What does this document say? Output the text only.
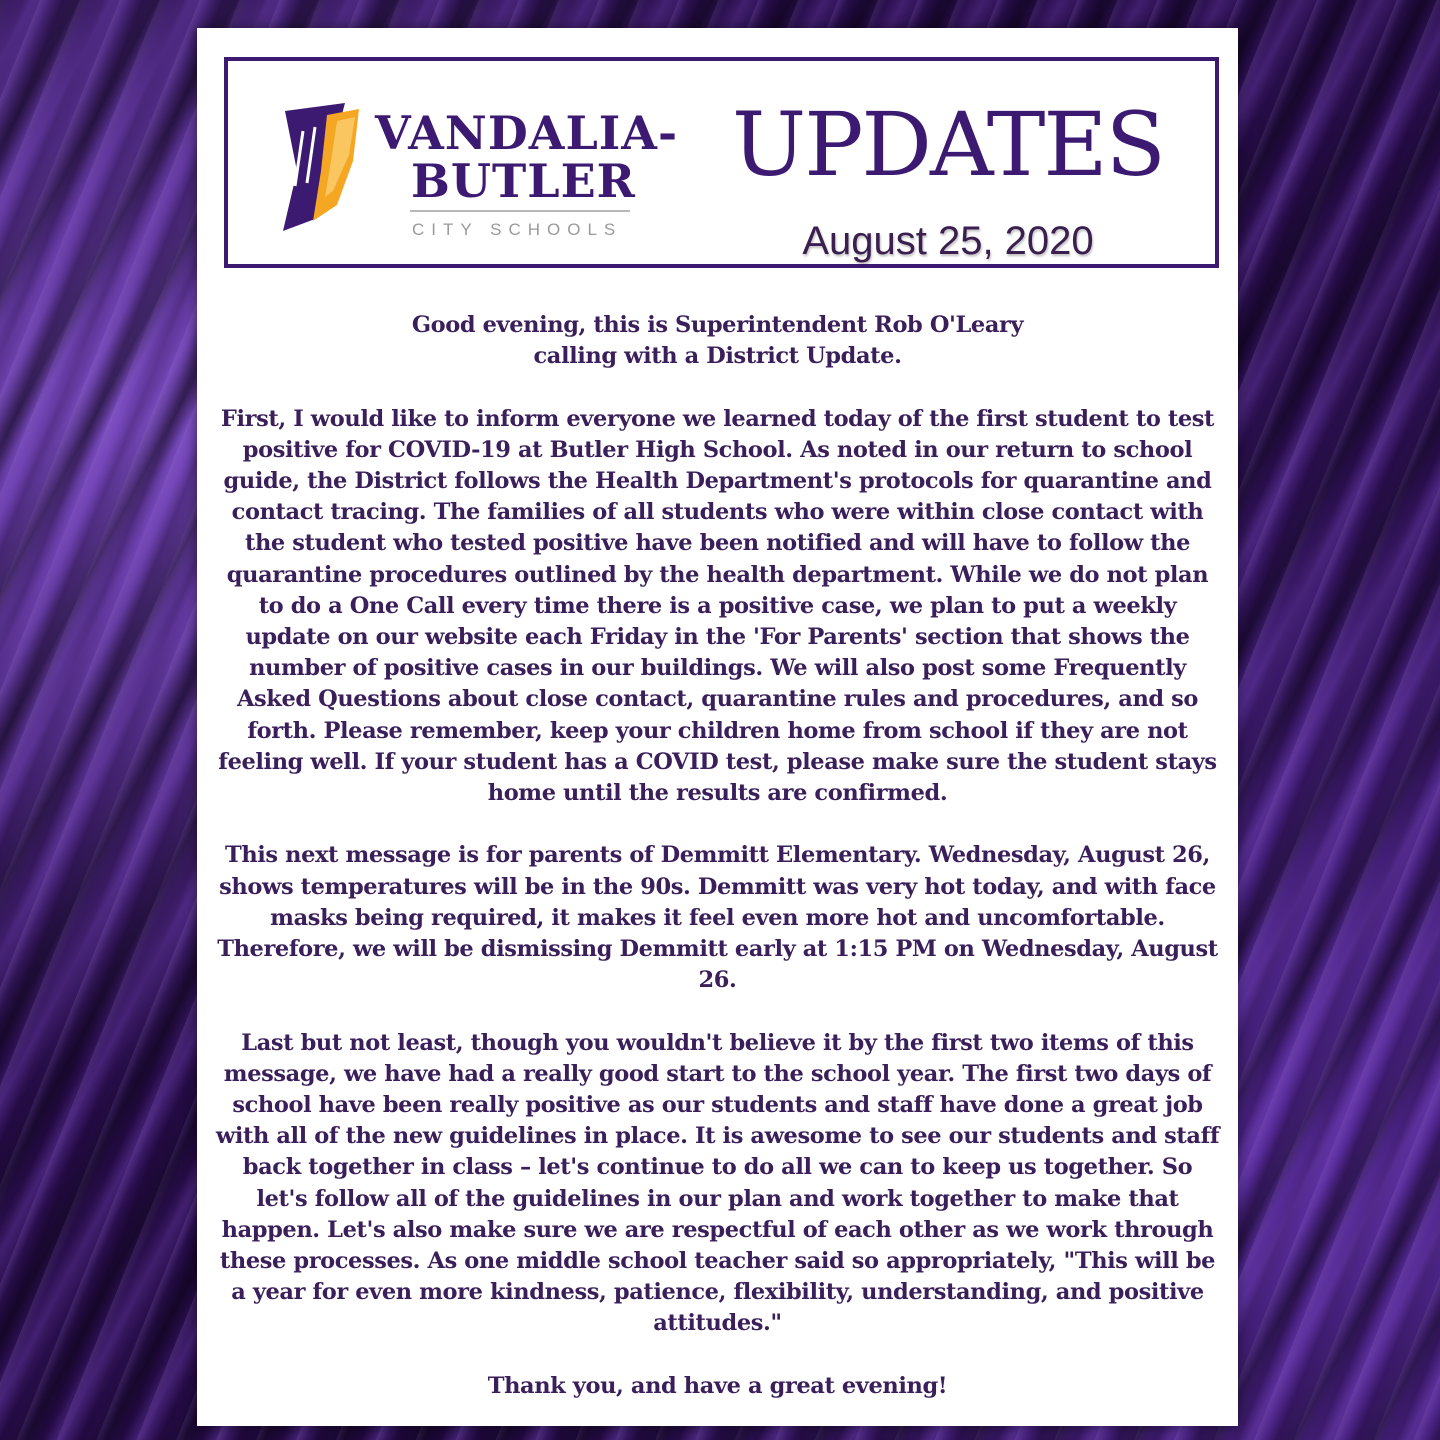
VANDALIA-
BUTLER
CITY SCHOOLS
UPDATES
August 25, 2020

Good evening, this is Superintendent Rob O'Leary
calling with a District Update.

First, I would like to inform everyone we learned today of the first student to test positive for COVID-19 at Butler High School. As noted in our return to school guide, the District follows the Health Department's protocols for quarantine and contact tracing. The families of all students who were within close contact with the student who tested positive have been notified and will have to follow the quarantine procedures outlined by the health department. While we do not plan to do a One Call every time there is a positive case, we plan to put a weekly update on our website each Friday in the 'For Parents' section that shows the number of positive cases in our buildings. We will also post some Frequently Asked Questions about close contact, quarantine rules and procedures, and so forth. Please remember, keep your children home from school if they are not feeling well. If your student has a COVID test, please make sure the student stays home until the results are confirmed.

This next message is for parents of Demmitt Elementary. Wednesday, August 26, shows temperatures will be in the 90s. Demmitt was very hot today, and with face masks being required, it makes it feel even more hot and uncomfortable. Therefore, we will be dismissing Demmitt early at 1:15 PM on Wednesday, August 26.

Last but not least, though you wouldn't believe it by the first two items of this message, we have had a really good start to the school year. The first two days of school have been really positive as our students and staff have done a great job with all of the new guidelines in place. It is awesome to see our students and staff back together in class – let's continue to do all we can to keep us together. So let's follow all of the guidelines in our plan and work together to make that happen. Let's also make sure we are respectful of each other as we work through these processes. As one middle school teacher said so appropriately, "This will be a year for even more kindness, patience, flexibility, understanding, and positive attitudes."

Thank you, and have a great evening!
